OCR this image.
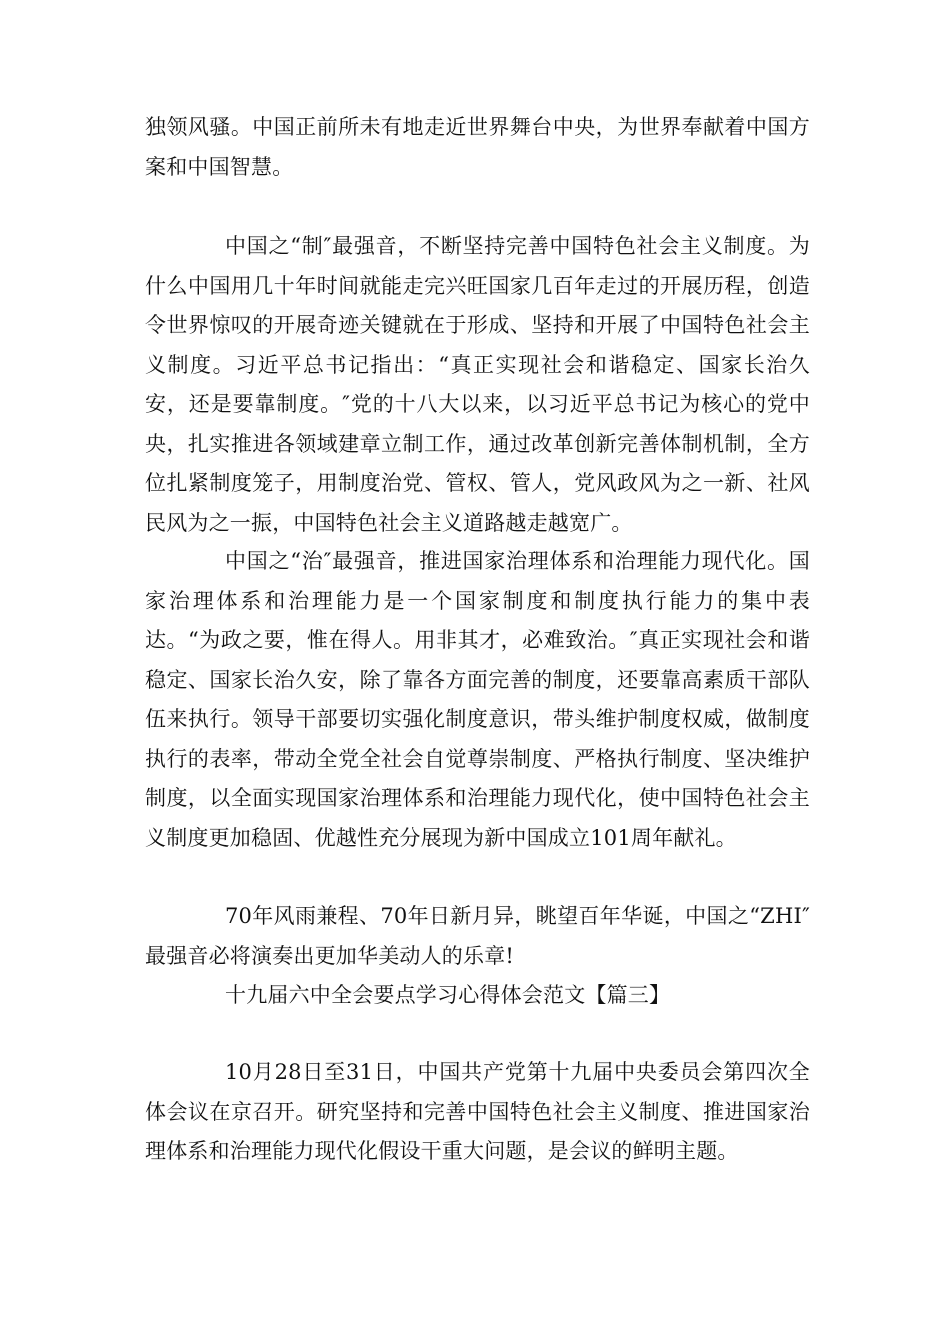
独领风骚。中国正前所未有地走近世界舞台中央，为世界奉献着中国方案和中国智慧。

中国之“制″最强音，不断坚持完善中国特色社会主义制度。为什么中国用几十年时间就能走完兴旺国家几百年走过的开展历程，创造令世界惊叹的开展奇迹关键就在于形成、坚持和开展了中国特色社会主义制度。习近平总书记指出：“真正实现社会和谐稳定、国家长治久安，还是要靠制度。″党的十八大以来，以习近平总书记为核心的党中央，扎实推进各领域建章立制工作，通过改革创新完善体制机制，全方位扎紧制度笼子，用制度治党、管权、管人，党风政风为之一新、社风民风为之一振，中国特色社会主义道路越走越宽广。

中国之“治″最强音，推进国家治理体系和治理能力现代化。国家治理体系和治理能力是一个国家制度和制度执行能力的集中表达。“为政之要，惟在得人。用非其才，必难致治。″真正实现社会和谐稳定、国家长治久安，除了靠各方面完善的制度，还要靠高素质干部队伍来执行。领导干部要切实强化制度意识，带头维护制度权威，做制度执行的表率，带动全党全社会自觉尊崇制度、严格执行制度、坚决维护制度，以全面实现国家治理体系和治理能力现代化，使中国特色社会主义制度更加稳固、优越性充分展现为新中国成立101周年献礼。

70年风雨兼程、70年日新月异，眺望百年华诞，中国之“ZHI″最强音必将演奏出更加华美动人的乐章!

十九届六中全会要点学习心得体会范文【篇三】

10月28日至31日，中国共产党第十九届中央委员会第四次全体会议在京召开。研究坚持和完善中国特色社会主义制度、推进国家治理体系和治理能力现代化假设干重大问题，是会议的鲜明主题。
